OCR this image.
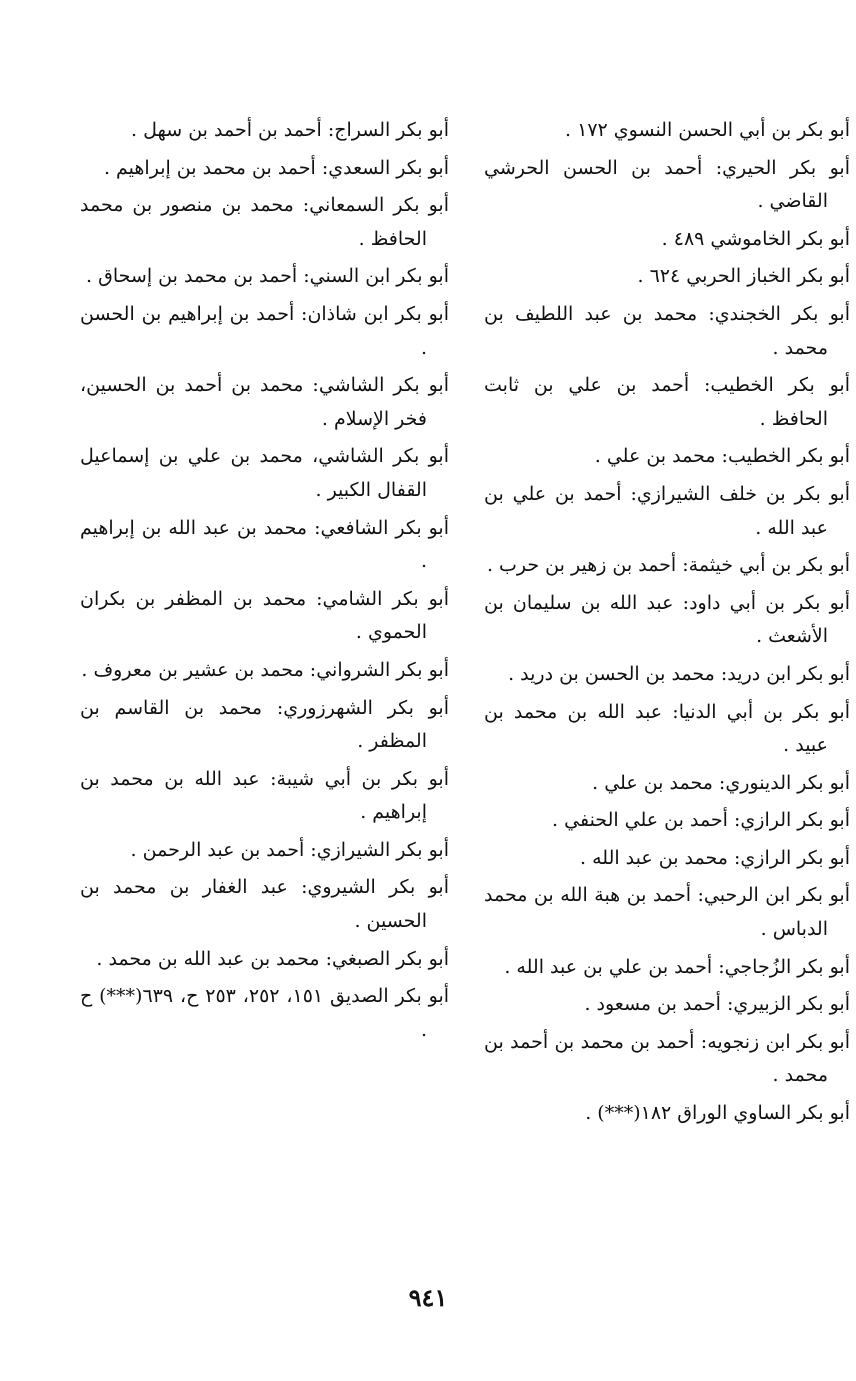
أبو بكر بن أبي الحسن النسوي ١٧٢ .

أبو بكر الحيري: أحمد بن الحسن الحرشي القاضي .

أبو بكر الخاموشي ٤٨٩ .

أبو بكر الخباز الحربي ٦٢٤ .

أبو بكر الخجندي: محمد بن عبد اللطيف بن محمد .

أبو بكر الخطيب: أحمد بن علي بن ثابت الحافظ .

أبو بكر الخطيب: محمد بن علي .

أبو بكر بن خلف الشيرازي: أحمد بن علي بن عبد الله .

أبو بكر بن أبي خيثمة: أحمد بن زهير بن حرب .

أبو بكر بن أبي داود: عبد الله بن سليمان بن الأشعث .

أبو بكر ابن دريد: محمد بن الحسن بن دريد .

أبو بكر بن أبي الدنيا: عبد الله بن محمد بن عبيد .

أبو بكر الدينوري: محمد بن علي .

أبو بكر الرازي: أحمد بن علي الحنفي .

أبو بكر الرازي: محمد بن عبد الله .

أبو بكر ابن الرحبي: أحمد بن هبة الله بن محمد الدباس .

أبو بكر الزُجاجي: أحمد بن علي بن عبد الله .

أبو بكر الزبيري: أحمد بن مسعود .

أبو بكر ابن زنجويه: أحمد بن محمد بن أحمد بن محمد .

أبو بكر الساوي الوراق ١٨٢(***) .

أبو بكر السراج: أحمد بن أحمد بن سهل .

أبو بكر السعدي: أحمد بن محمد بن إبراهيم .

أبو بكر السمعاني: محمد بن منصور بن محمد الحافظ .

أبو بكر ابن السني: أحمد بن محمد بن إسحاق .

أبو بكر ابن شاذان: أحمد بن إبراهيم بن الحسن .

أبو بكر الشاشي: محمد بن أحمد بن الحسين، فخر الإسلام .

أبو بكر الشاشي، محمد بن علي بن إسماعيل القفال الكبير .

أبو بكر الشافعي: محمد بن عبد الله بن إبراهيم .

أبو بكر الشامي: محمد بن المظفر بن بكران الحموي .

أبو بكر الشرواني: محمد بن عشير بن معروف .

أبو بكر الشهرزوري: محمد بن القاسم بن المظفر .

أبو بكر بن أبي شيبة: عبد الله بن محمد بن إبراهيم .

أبو بكر الشيرازي: أحمد بن عبد الرحمن .

أبو بكر الشيروي: عبد الغفار بن محمد بن الحسين .

أبو بكر الصبغي: محمد بن عبد الله بن محمد .

أبو بكر الصديق ١٥١، ٢٥٢، ٢٥٣ ح، ٦٣٩(***) ح .

٩٤١
